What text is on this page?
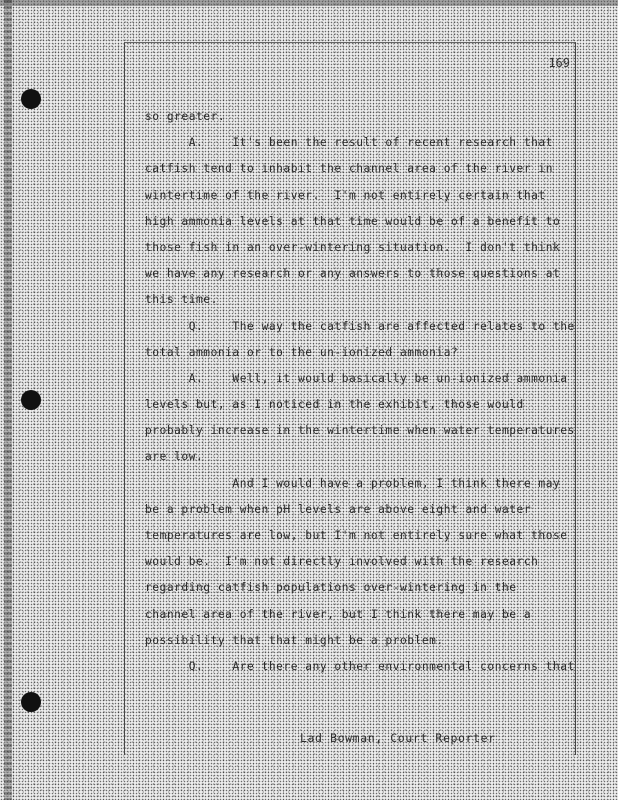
169
so greater.
A.    It's been the result of recent research that
catfish tend to inhabit the channel area of the river in
wintertime of the river.  I'm not entirely certain that
high ammonia levels at that time would be of a benefit to
those fish in an over-wintering situation.  I don't think
we have any research or any answers to those questions at
this time.
Q.    The way the catfish are affected relates to the
total ammonia or to the un-ionized ammonia?
A.    Well, it would basically be un-ionized ammonia
levels but, as I noticed in the exhibit, those would
probably increase in the wintertime when water temperatures
are low.
And I would have a problem, I think there may
be a problem when pH levels are above eight and water
temperatures are low, but I'm not entirely sure what those
would be.  I'm not directly involved with the research
regarding catfish populations over-wintering in the
channel area of the river, but I think there may be a
possibility that that might be a problem.
Q.    Are there any other environmental concerns that
Lad Bowman, Court Reporter
